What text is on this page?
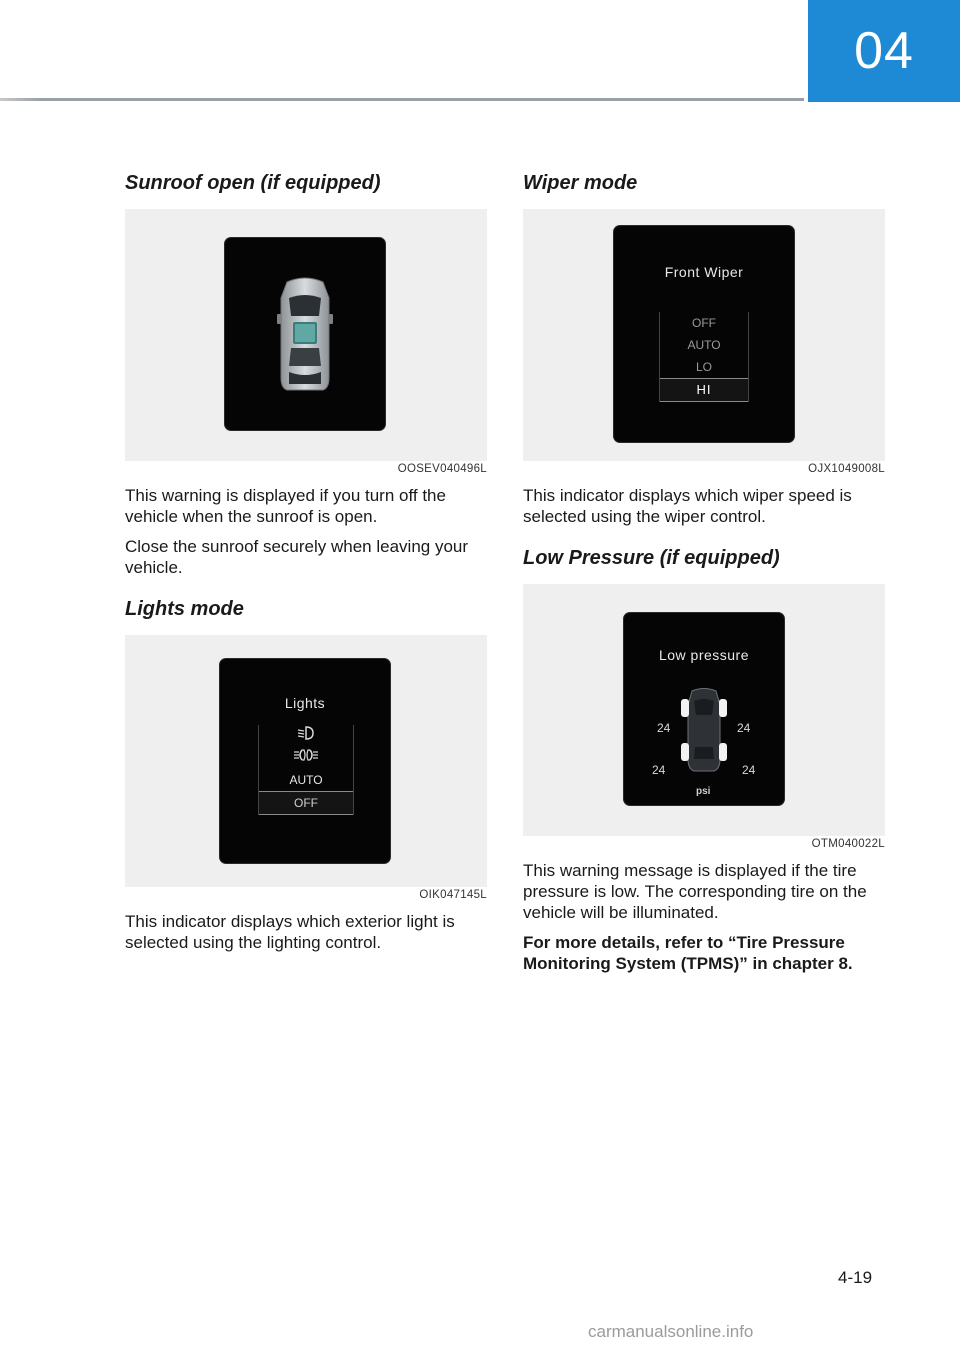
04
Sunroof open (if equipped)
OOSEV040496L

This warning is displayed if you turn off the vehicle when the sunroof is open.

Close the sunroof securely when leaving your vehicle.

Lights mode
Lights
AUTO
OFF
OIK047145L

This indicator displays which exterior light is selected using the lighting control.

Wiper mode
Front Wiper
OFF
AUTO
LO
HI
OJX1049008L

This indicator displays which wiper speed is selected using the wiper control.

Low Pressure (if equipped)
Low pressure
24	24
24	24
psi
OTM040022L

This warning message is displayed if the tire pressure is low. The corresponding tire on the vehicle will be illuminated.

For more details, refer to “Tire Pressure Monitoring System (TPMS)” in chapter 8.

4-19
carmanualsonline.info
